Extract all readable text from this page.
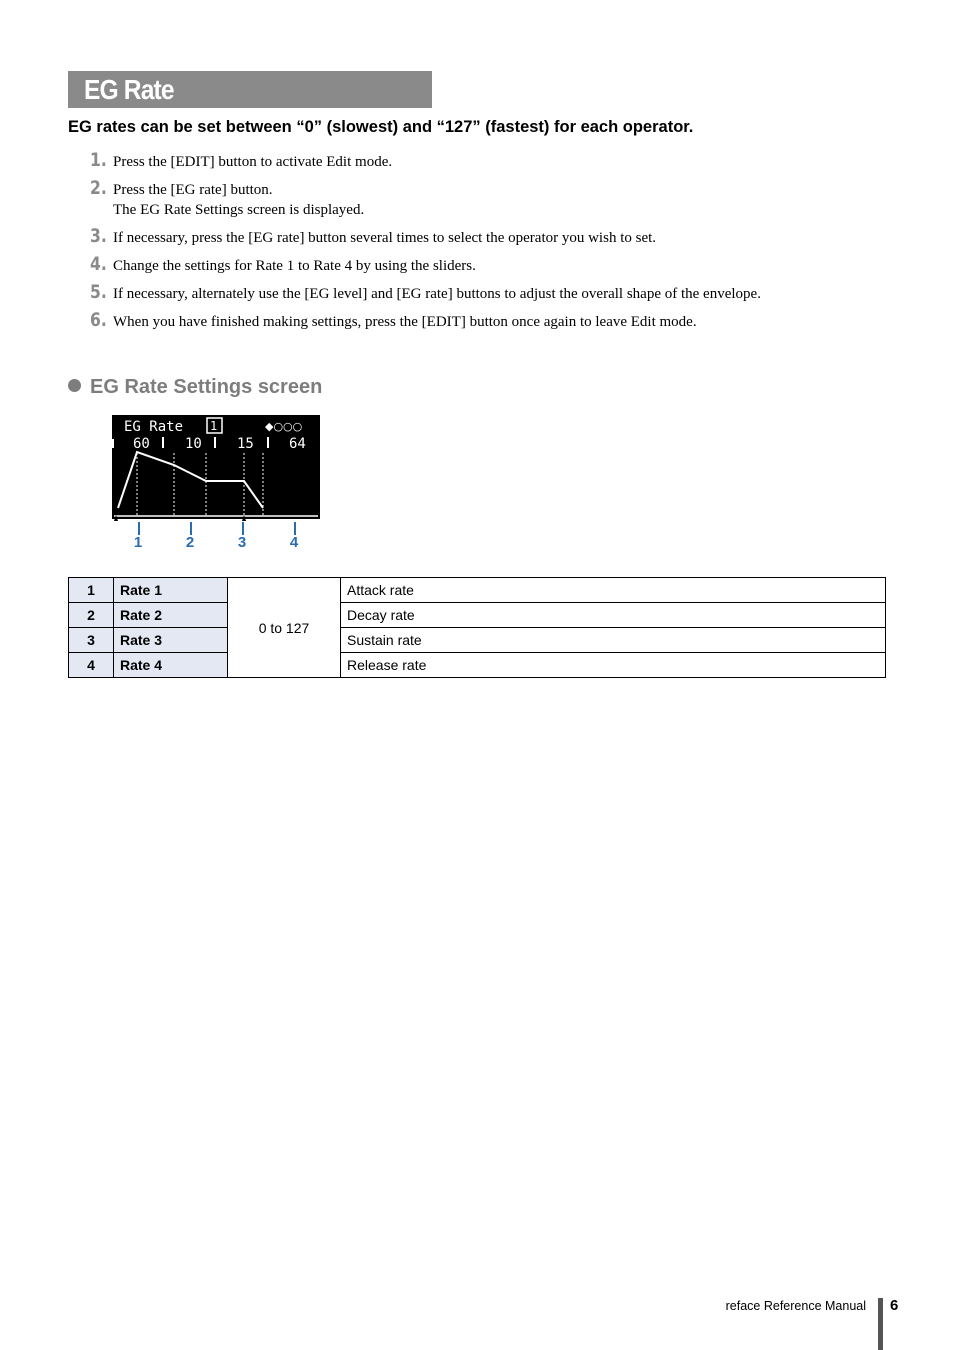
EG Rate
EG rates can be set between “0” (slowest) and “127” (fastest) for each operator.
1. Press the [EDIT] button to activate Edit mode.
2. Press the [EG rate] button.
The EG Rate Settings screen is displayed.
3. If necessary, press the [EG rate] button several times to select the operator you wish to set.
4. Change the settings for Rate 1 to Rate 4 by using the sliders.
5. If necessary, alternately use the [EG level] and [EG rate] buttons to adjust the overall shape of the envelope.
6. When you have finished making settings, press the [EDIT] button once again to leave Edit mode.
EG Rate Settings screen
EG Rate 1	◆○○○
60	10	15	64
1	2	3	4
1	Rate 1	0 to 127	Attack rate
2	Rate 2		Decay rate
3	Rate 3		Sustain rate
4	Rate 4		Release rate
reface Reference Manual 6
